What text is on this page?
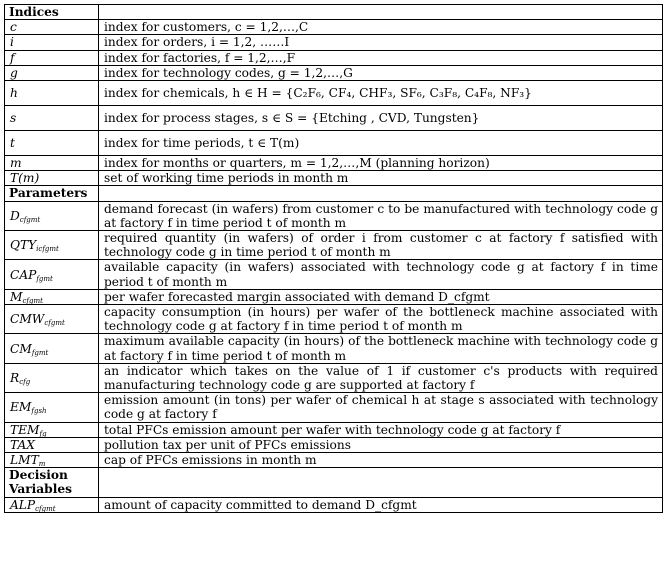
Indices	
c	index for customers, c = 1,2,…,C
i	index for orders, i = 1,2, ……I
f	index for factories, f = 1,2,…,F
g	index for technology codes, g = 1,2,…,G
h	index for chemicals, h ∈ H = {C₂F₆, CF₄, CHF₃, SF₆, C₃F₈, C₄F₈, NF₃}
s	index for process stages, s ∈ S = {Etching , CVD, Tungsten}
t	index for time periods, t ∈ T(m)
m	index for months or quarters, m = 1,2,…,M (planning horizon)
T(m)	set of working time periods in month m
Parameters	
$D_{cfgmt}$	demand forecast (in wafers) from customer c to be manufactured with technology code g at factory f in time period t of month m
$QTY_{icfgmt}$	required quantity (in wafers) of order i from customer c at factory f satisfied with technology code g in time period t of month m
$CAP_{fgmt}$	available capacity (in wafers) associated with technology code g at factory f in time period t of month m
$M_{cfgmt}$	per wafer forecasted margin associated with demand D_cfgmt
$CMW_{cfgmt}$	capacity consumption (in hours) per wafer of the bottleneck machine associated with technology code g at factory f in time period t of month m
$CM_{fgmt}$	maximum available capacity (in hours) of the bottleneck machine with technology code g at factory f in time period t of month m
$R_{cfg}$	an indicator which takes on the value of 1 if customer c's products with required manufacturing technology code g are supported at factory f
$EM_{fgsh}$	emission amount (in tons) per wafer of chemical h at stage s associated with technology code g at factory f
$TEM_{fg}$	total PFCs emission amount per wafer with technology code g at factory f
TAX	pollution tax per unit of PFCs emissions
$LMT_m$	cap of PFCs emissions in month m
Decision Variables	
$ALP_{cfgmt}$	amount of capacity committed to demand D_cfgmt
